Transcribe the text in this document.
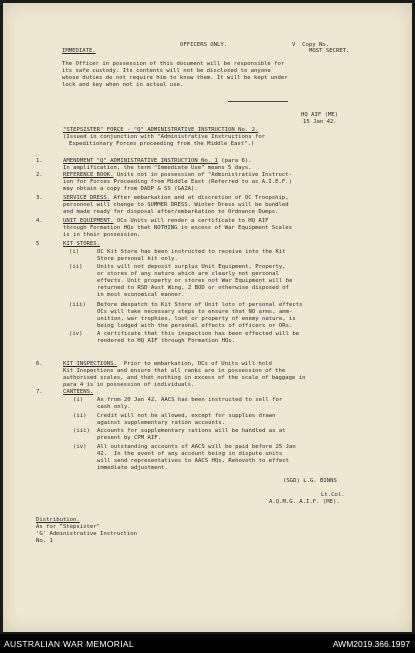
OFFICERS ONLY.	V  Copy No.
IMMEDIATE.	MOST SECRET.
The Officer in possession of this document will be responsible for
its safe custody. Its contents will not be disclosed to anyone
whose duties do not require him to know them. It will be kept under
lock and key when not in actual use.
HQ AIF (ME)
15 Jan 42.
"STEPSISTER" FORCE - "Q" ADMINISTRATIVE INSTRUCTION No. 2.
(Issued in conjunction with "Administrative Instructions for
Expeditionary Forces proceeding from the Middle East".)
1.	AMENDMENT "Q" ADMINISTRATIVE INSTRUCTION No. 1 (para 6).
In amplification, the term "Immediate Use" means 5 days.
2.	REFERENCE BOOK. Units not in possession of "Administrative Instruct-
ion for Forces Proceeding from Middle East (Referred to as A.I.E.F.)
may obtain a copy from DADP & SS (GAZA).
3.	SERVICE DRESS. After embarkation and at discretion of OC Troopship,
personnel will change to SUMMER DRESS. Winter Dress will be bundled
and made ready for disposal after/embarkation to Ordnance Dumps.
4.	UNIT EQUIPMENT. OCs Units will render a certificate to HQ AIF
through Formation HQs that NOTHING in excess of War Equipment Scales
is in their possession.
5	KIT STORES.
(i)	OC Kit Store has been instructed to receive into the Kit
Store personal kit only.
(ii)	Units will not deposit surplus Unit Equipment, Property,
or stores of any nature which are clearly not personal
effects. Unit property or stores not War Equipment will be
returned to RSD Aust Wing, 2 BOD or otherwise disposed of
in most economical manner.
(iii) Before despatch to Kit Store of Unit lots of personal effects
OCs will take necessary steps to ensure that NO arms, amm-
unition, war trophies, loot or property of enemy nature, is
being lodged with the personal effects of officers or ORs.
(iv)	A certificate that this inspection has been effected will be
rendered to HQ AIF through Formation HQs.
6.	KIT INSPECTIONS.  Prior to embarkation, OCs of Units will hold
Kit Inspections and ensure that all ranks are in possession of the
authorised scales, and that nothing in excess of the scale of baggage in
para 4 is in possession of individuals.
7.	CANTEENS.
(i) As from 20 Jan 42, AACS has been instructed to sell for
cash only.
(ii) Credit will not be allowed, except for supplies drawn
against supplementary ration accounts.
(iii) Accounts for supplementary rations will be handled as at
present by CPM AIF.
(iv) All outstanding accounts of AACS will be paid before 25 Jan
42.  In the event of any account being in dispute units
will send representatives to AACS HQs, Rehovoth to effect
immediate adjustment.
(SGD) L.G. BINNS
Lt.Col.
A.Q.M.G. A.I.F. (ME).
Distribution.
As for "Stepsister"
'G' Administrative Instruction
No. 1
AUSTRALIAN WAR MEMORIAL	AWM2019.366.1997
